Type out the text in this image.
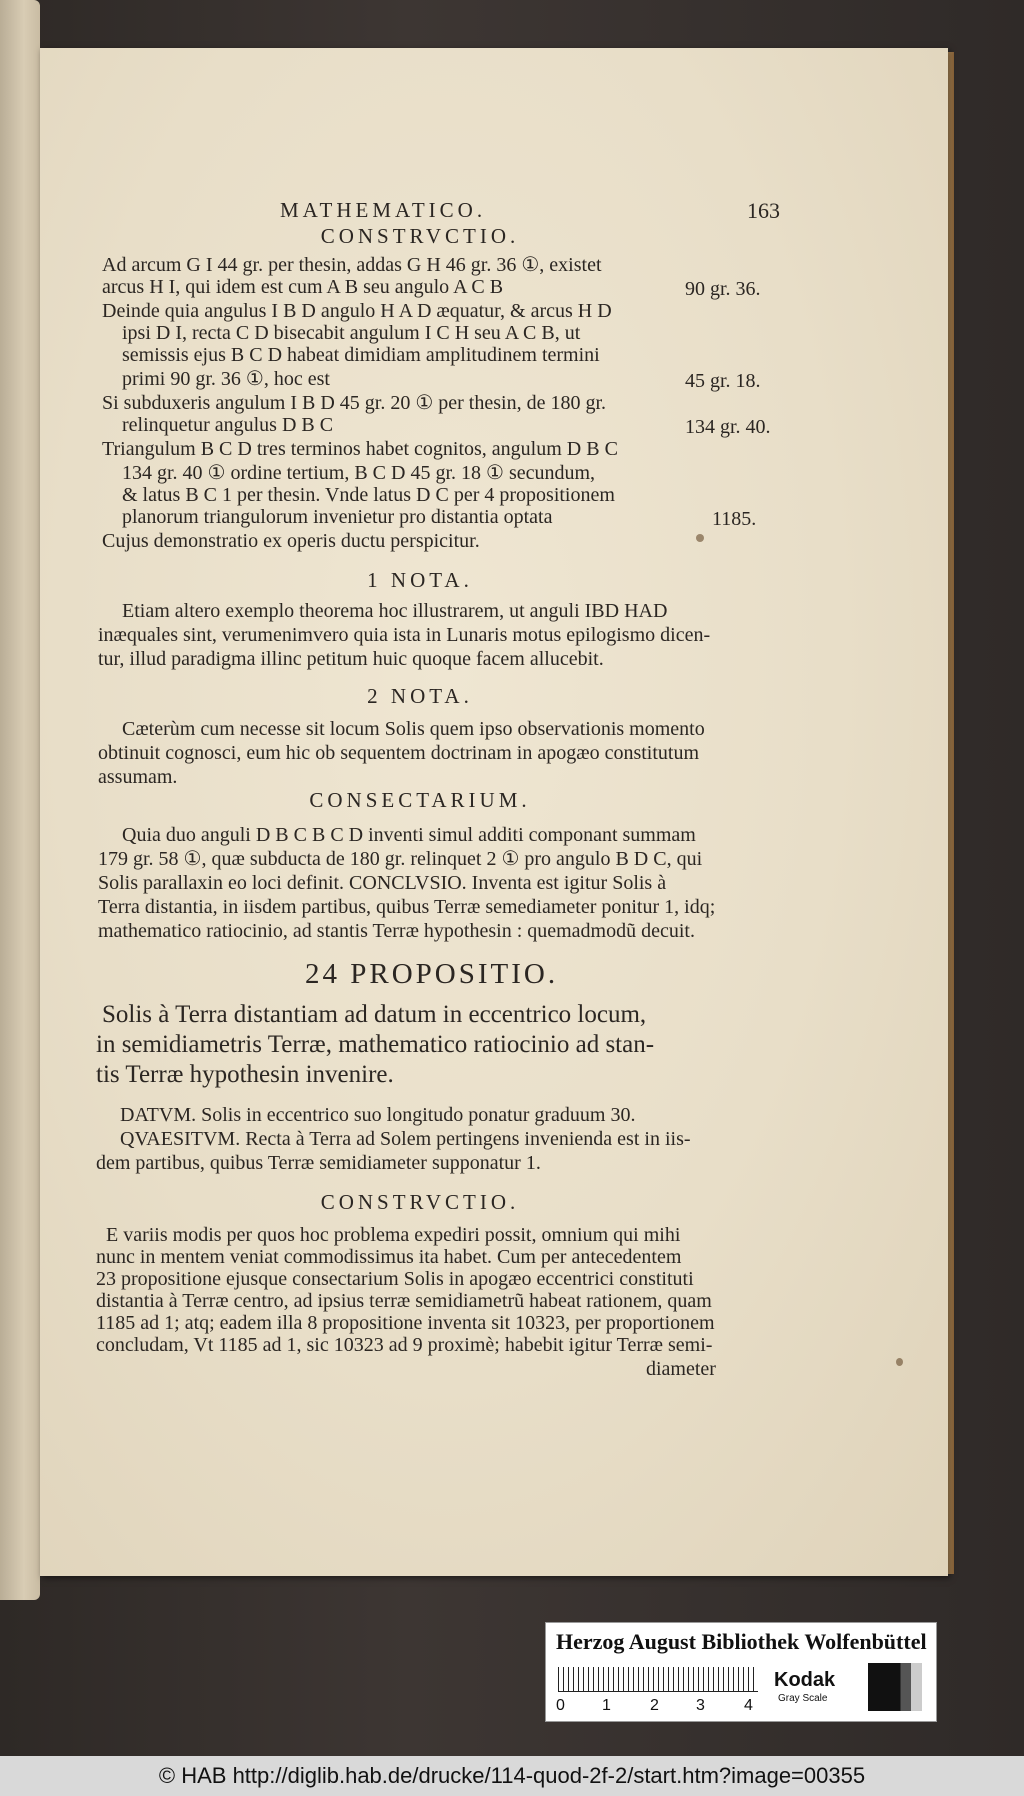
MATHEMATICO.	163
CONSTRVCTIO.
Ad arcum G I 44 gr. per thesin, addas G H 46 gr. 36 ①, existet
arcus H I, qui idem est cum A B seu angulo A C B
Deinde quia angulus I B D angulo H A D æquatur, & arcus H D
ipsi D I, recta C D bisecabit angulum I C H seu A C B, ut
semissis ejus B C D habeat dimidiam amplitudinem termini
primi 90 gr. 36 ①, hoc est
Si subduxeris angulum I B D 45 gr. 20 ① per thesin, de 180 gr.
relinquetur angulus D B C
Triangulum B C D tres terminos habet cognitos, angulum D B C
134 gr. 40 ① ordine tertium, B C D 45 gr. 18 ① secundum,
& latus B C 1 per thesin. Vnde latus D C per 4 propositionem
planorum triangulorum invenietur pro distantia optata
Cujus demonstratio ex operis ductu perspicitur.
90 gr. 36.
45 gr. 18.
134 gr. 40.
1185.
1 NOTA.
Etiam altero exemplo theorema hoc illustrarem, ut anguli IBD HAD
inæquales sint, verumenimvero quia ista in Lunaris motus epilogismo dicen-
tur, illud paradigma illinc petitum huic quoque facem allucebit.
2 NOTA.
Cæterùm cum necesse sit locum Solis quem ipso observationis momento
obtinuit cognosci, eum hic ob sequentem doctrinam in apogæo constitutum
assumam.
CONSECTARIUM.
Quia duo anguli D B C B C D inventi simul additi componant summam
179 gr. 58 ①, quæ subducta de 180 gr. relinquet 2 ① pro angulo B D C, qui
Solis parallaxin eo loci definit. CONCLVSIO. Inventa est igitur Solis à
Terra distantia, in iisdem partibus, quibus Terræ semediameter ponitur 1, idq;
mathematico ratiocinio, ad stantis Terræ hypothesin : quemadmodũ decuit.
24 PROPOSITIO.
Solis à Terra distantiam ad datum in eccentrico locum,
in semidiametris Terræ, mathematico ratiocinio ad stan-
tis Terræ hypothesin invenire.
DATVM. Solis in eccentrico suo longitudo ponatur graduum 30.
QVAESITVM. Recta à Terra ad Solem pertingens invenienda est in iis-
dem partibus, quibus Terræ semidiameter supponatur 1.
CONSTRVCTIO.
E variis modis per quos hoc problema expediri possit, omnium qui mihi
nunc in mentem veniat commodissimus ita habet. Cum per antecedentem
23 propositione ejusque consectarium Solis in apogæo eccentrici constituti
distantia à Terræ centro, ad ipsius terræ semidiametrũ habeat rationem, quam
1185 ad 1; atq; eadem illa 8 propositione inventa sit 10323, per proportionem
concludam, Vt 1185 ad 1, sic 10323 ad 9 proximè; habebit igitur Terræ semi-
diameter
Herzog August Bibliothek Wolfenbüttel
0 1 2 3 4
Kodak
Gray Scale
© HAB http://diglib.hab.de/drucke/114-quod-2f-2/start.htm?image=00355
